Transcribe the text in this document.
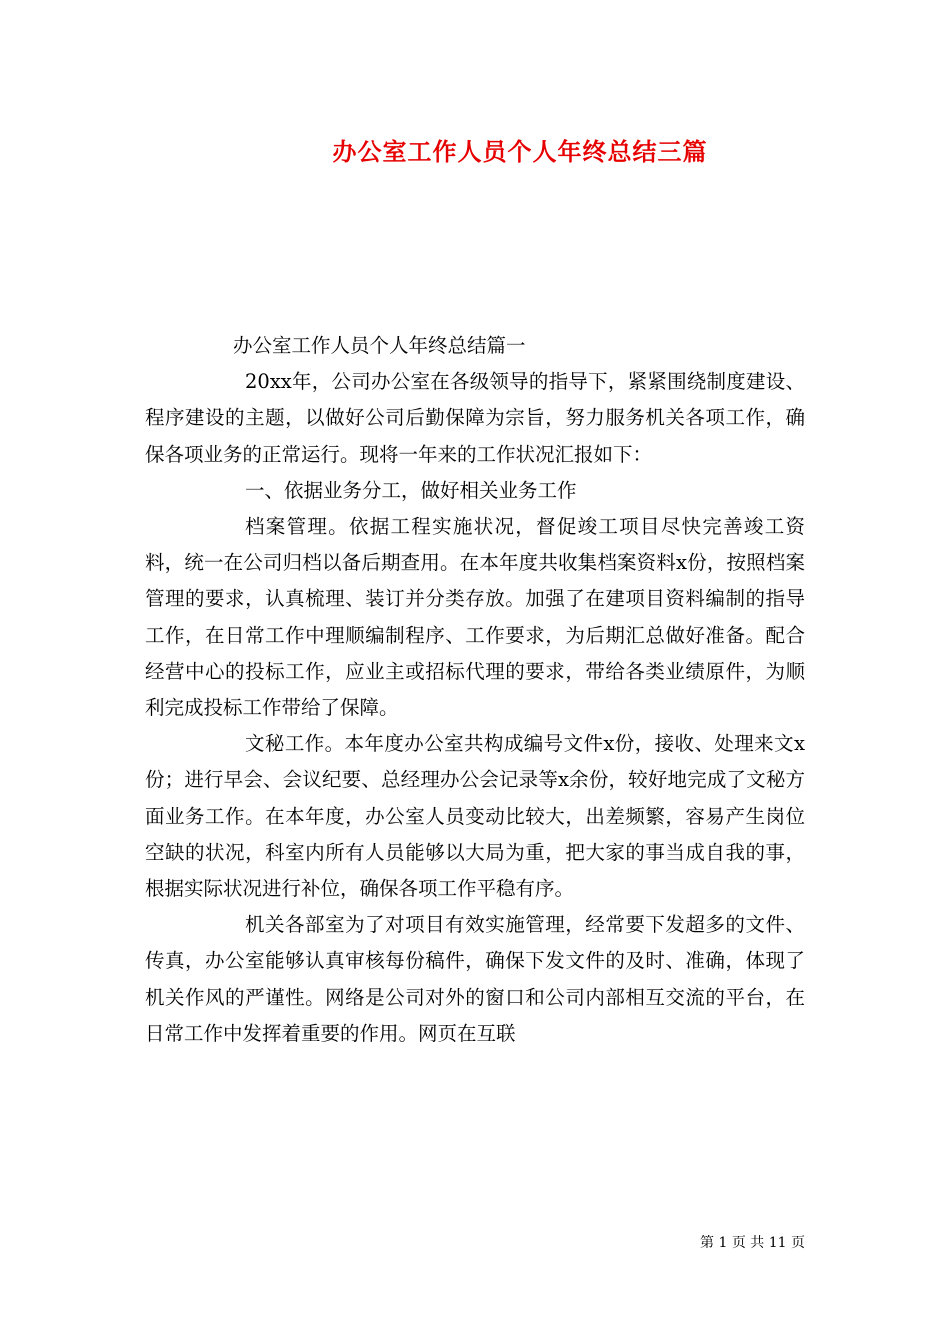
办公室工作人员个人年终总结三篇

办公室工作人员个人年终总结篇一

20xx年，公司办公室在各级领导的指导下，紧紧围绕制度建设、程序建设的主题，以做好公司后勤保障为宗旨，努力服务机关各项工作，确保各项业务的正常运行。现将一年来的工作状况汇报如下：

一、依据业务分工，做好相关业务工作

档案管理。依据工程实施状况，督促竣工项目尽快完善竣工资料，统一在公司归档以备后期查用。在本年度共收集档案资料x份，按照档案管理的要求，认真梳理、装订并分类存放。加强了在建项目资料编制的指导工作，在日常工作中理顺编制程序、工作要求，为后期汇总做好准备。配合经营中心的投标工作，应业主或招标代理的要求，带给各类业绩原件，为顺利完成投标工作带给了保障。

文秘工作。本年度办公室共构成编号文件x份，接收、处理来文x份；进行早会、会议纪要、总经理办公会记录等x余份，较好地完成了文秘方面业务工作。在本年度，办公室人员变动比较大，出差频繁，容易产生岗位空缺的状况，科室内所有人员能够以大局为重，把大家的事当成自我的事，根据实际状况进行补位，确保各项工作平稳有序。

机关各部室为了对项目有效实施管理，经常要下发超多的文件、传真，办公室能够认真审核每份稿件，确保下发文件的及时、准确，体现了机关作风的严谨性。网络是公司对外的窗口和公司内部相互交流的平台，在日常工作中发挥着重要的作用。网页在互联

第 1 页 共 11 页
